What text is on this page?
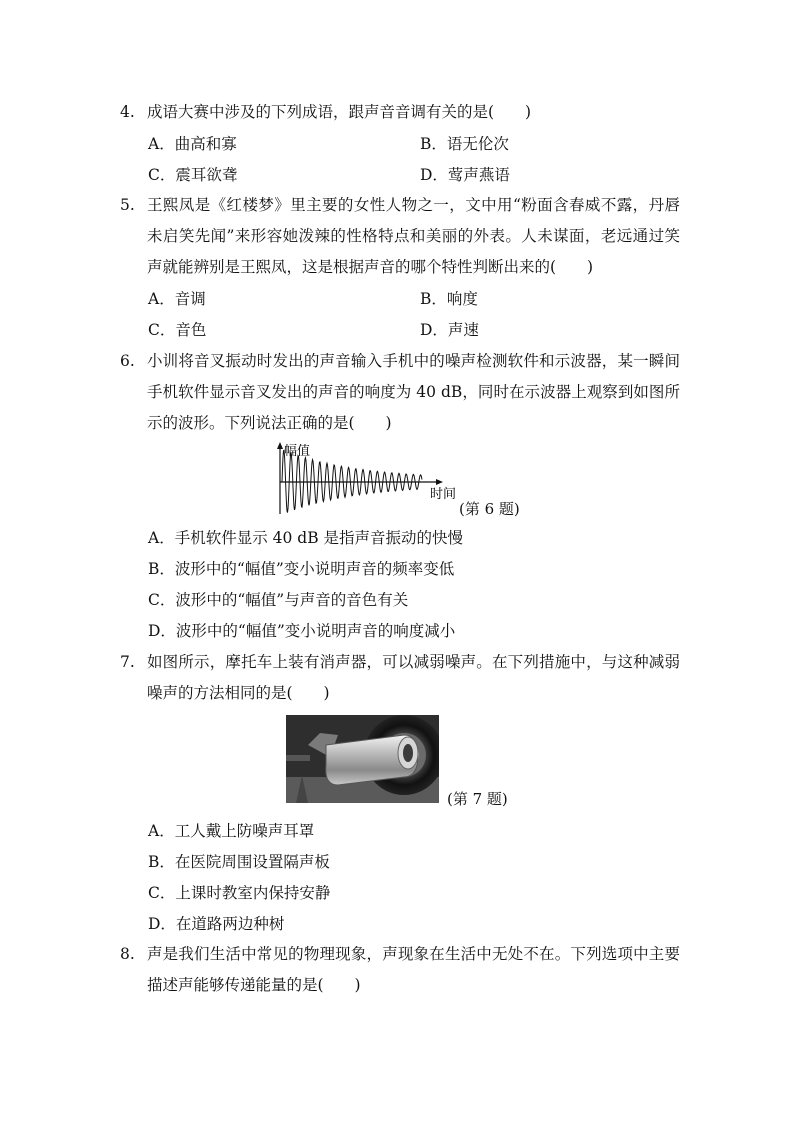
4. 成语大赛中涉及的下列成语，跟声音音调有关的是(　　)
A．曲高和寡	B．语无伦次
C．震耳欲聋	D．莺声燕语
5. 王熙凤是《红楼梦》里主要的女性人物之一，文中用“粉面含春威不露，丹唇未启笑先闻”来形容她泼辣的性格特点和美丽的外表。人未谋面，老远通过笑声就能辨别是王熙凤，这是根据声音的哪个特性判断出来的(　　)
A．音调	B．响度
C．音色	D．声速
6. 小训将音叉振动时发出的声音输入手机中的噪声检测软件和示波器，某一瞬间手机软件显示音叉发出的声音的响度为 40 dB，同时在示波器上观察到如图所示的波形。下列说法正确的是(　　)
幅值
时间
(第 6 题)
A．手机软件显示 40 dB 是指声音振动的快慢
B．波形中的“幅值”变小说明声音的频率变低
C．波形中的“幅值”与声音的音色有关
D．波形中的“幅值”变小说明声音的响度减小
7. 如图所示，摩托车上装有消声器，可以减弱噪声。在下列措施中，与这种减弱噪声的方法相同的是(　　)
(第 7 题)
A．工人戴上防噪声耳罩
B．在医院周围设置隔声板
C．上课时教室内保持安静
D．在道路两边种树
8. 声是我们生活中常见的物理现象，声现象在生活中无处不在。下列选项中主要描述声能够传递能量的是(　　)
